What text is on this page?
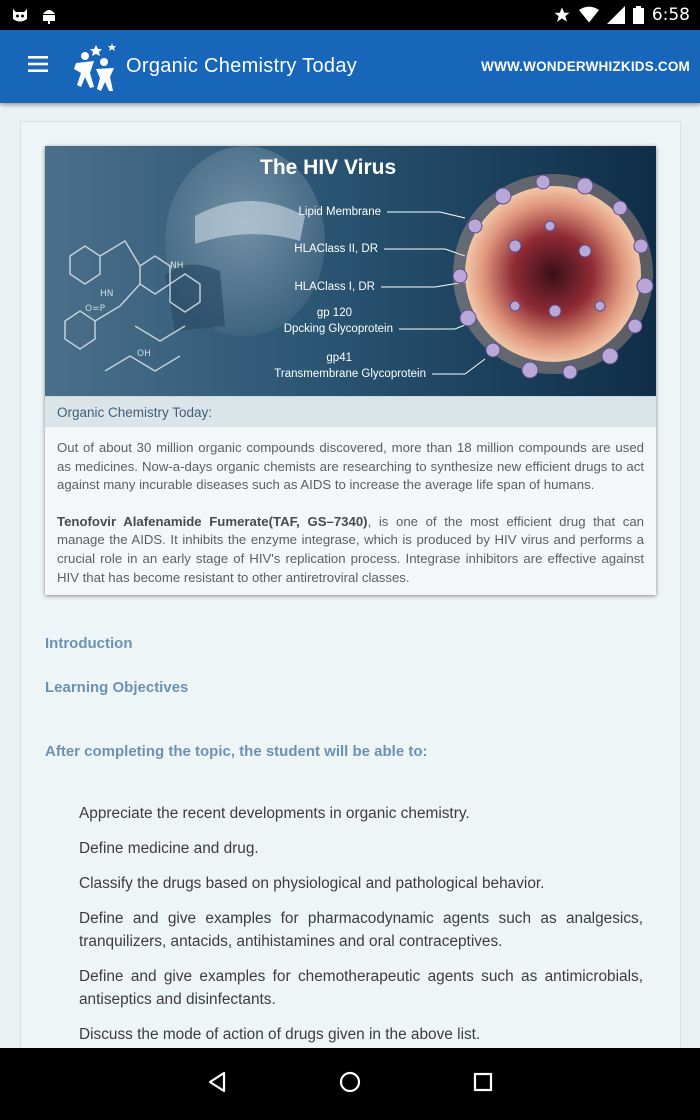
6:58
Organic Chemistry Today	WWW.WONDERWHIZKIDS.COM
NH
HN
O=P
OH
The HIV Virus
Lipid Membrane
HLAClass II, DR
HLAClass I, DR
gp 120
Dpcking Glycoprotein
gp41
Transmembrane Glycoprotein
Organic Chemistry Today:

Out of about 30 million organic compounds discovered, more than 18 million compounds are used as medicines. Now-a-days organic chemists are researching to synthesize new efficient drugs to act against many incurable diseases such as AIDS to increase the average life span of humans.

Tenofovir Alafenamide Fumerate(TAF, GS–7340), is one of the most efficient drug that can manage the AIDS. It inhibits the enzyme integrase, which is produced by HIV virus and performs a crucial role in an early stage of HIV's replication process. Integrase inhibitors are effective against HIV that has become resistant to other antiretroviral classes.

Introduction
Learning Objectives
After completing the topic, the student will be able to:
Appreciate the recent developments in organic chemistry.
Define medicine and drug.
Classify the drugs based on physiological and pathological behavior.
Define and give examples for pharmacodynamic agents such as analgesics, tranquilizers, antacids, antihistamines and oral contraceptives.
Define and give examples for chemotherapeutic agents such as antimicrobials, antiseptics and disinfectants.
Discuss the mode of action of drugs given in the above list.
